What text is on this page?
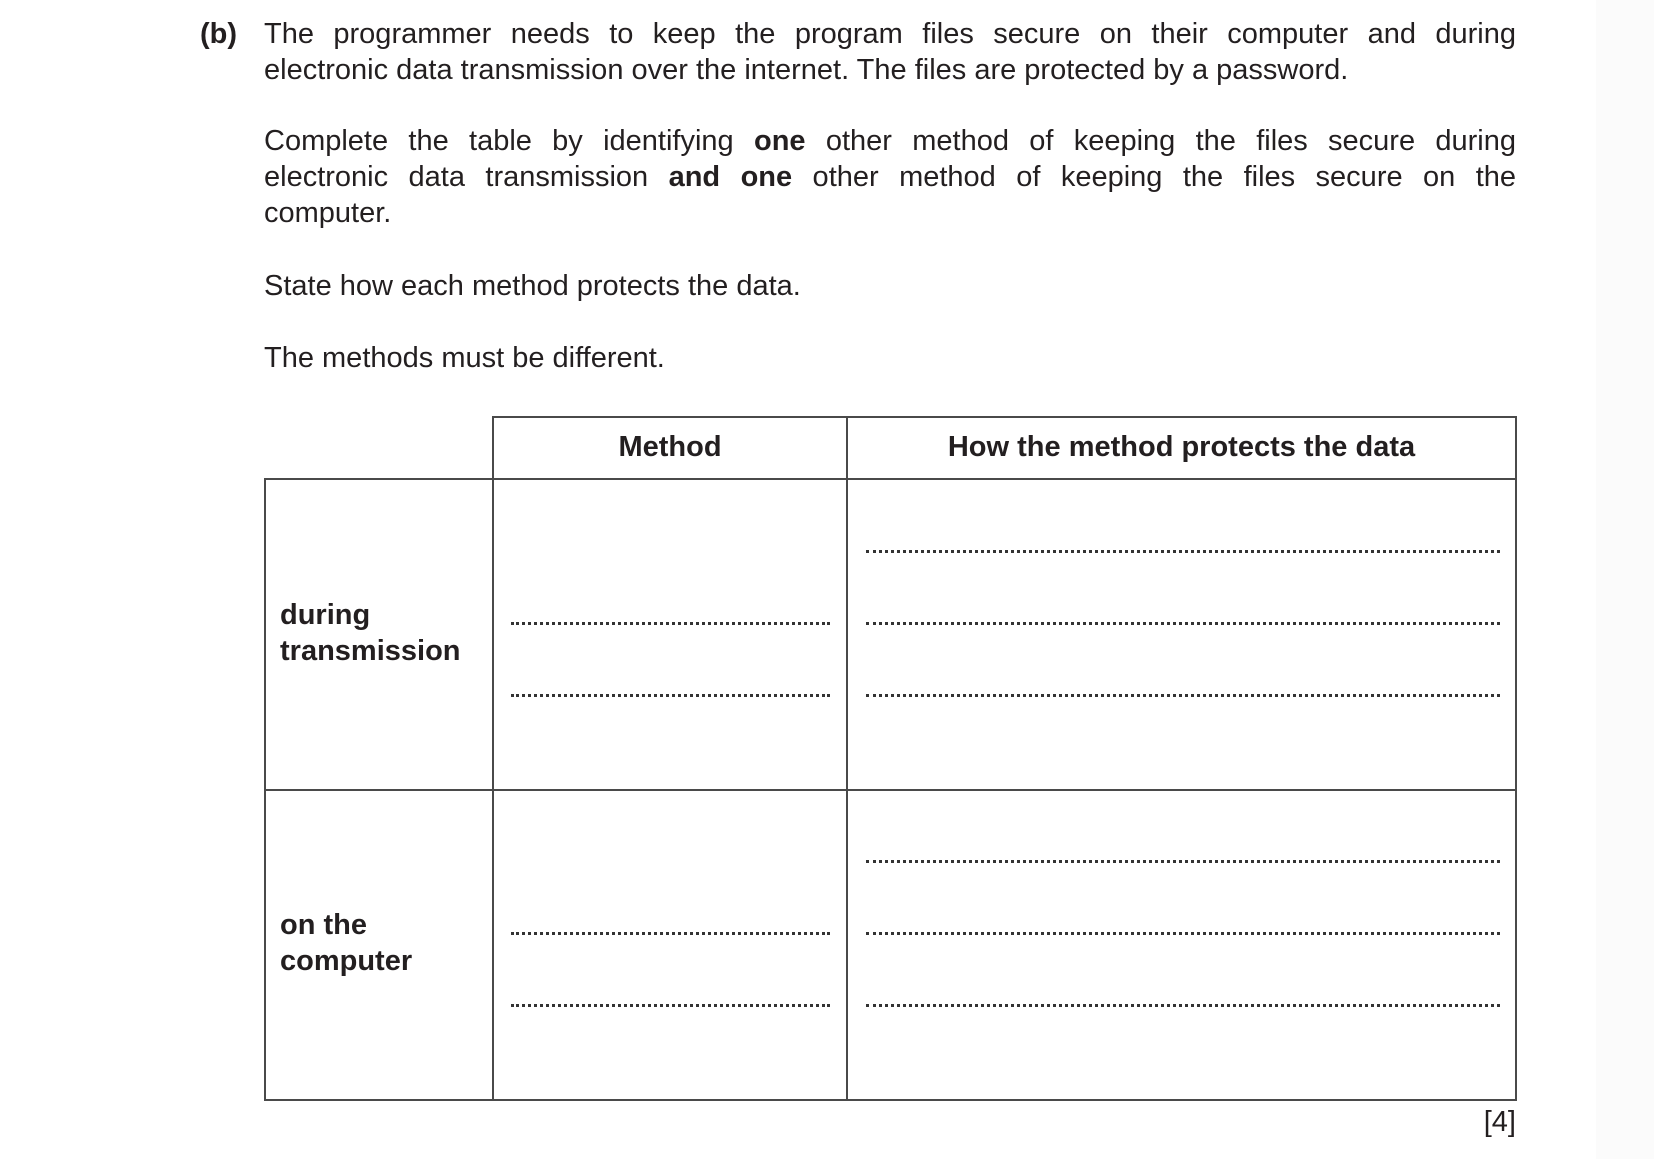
(b) The programmer needs to keep the program files secure on their computer and during
electronic data transmission over the internet. The files are protected by a password.

Complete the table by identifying one other method of keeping the files secure during
electronic data transmission and one other method of keeping the files secure on the
computer.

State how each method protects the data.

The methods must be different.

Method	How the method protects the data
during
transmission
on the
computer
[4]
